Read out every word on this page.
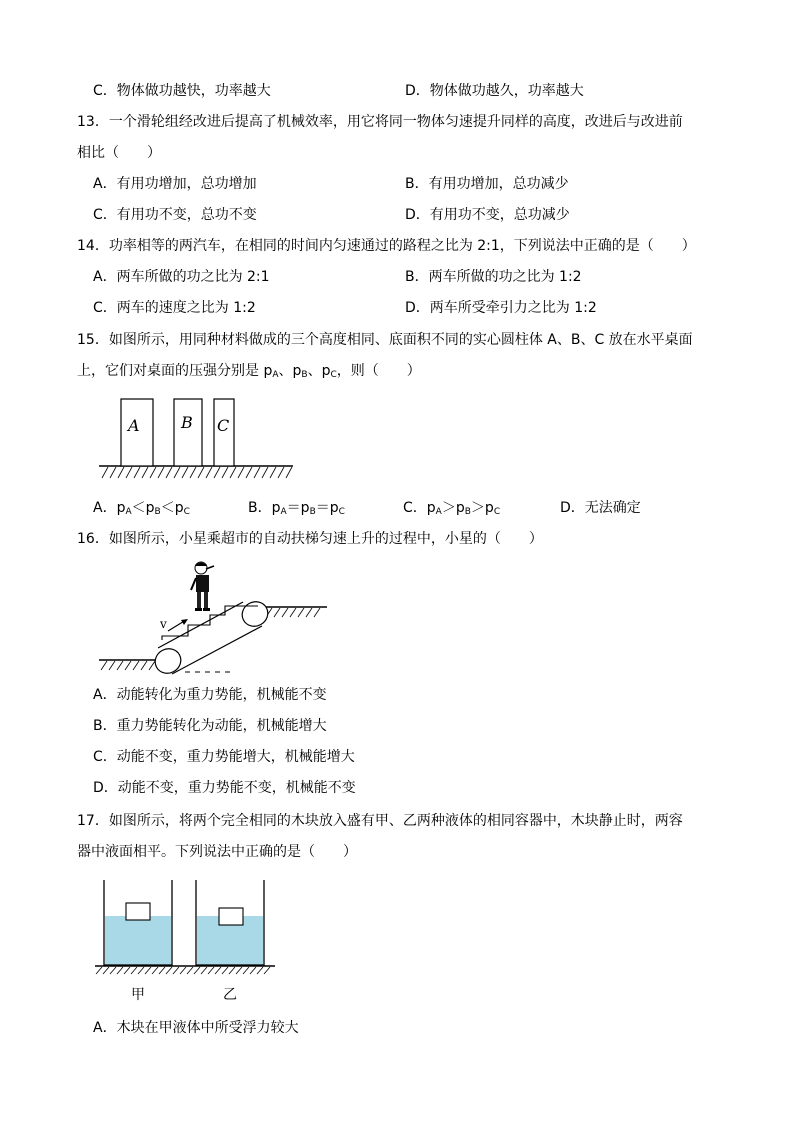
C．物体做功越快，功率越大	D．物体做功越久，功率越大
13．一个滑轮组经改进后提高了机械效率，用它将同一物体匀速提升同样的高度，改进后与改进前
相比（　　）
A．有用功增加，总功增加	B．有用功增加，总功减少
C．有用功不变，总功不变	D．有用功不变，总功减少
14．功率相等的两汽车，在相同的时间内匀速通过的路程之比为 2:1，下列说法中正确的是（　　）
A．两车所做的功之比为 2:1	B．两车所做的功之比为 1:2
C．两车的速度之比为 1:2	D．两车所受牵引力之比为 1:2
15．如图所示，用同种材料做成的三个高度相同、底面积不同的实心圆柱体 A、B、C 放在水平桌面
上，它们对桌面的压强分别是 $p_A$、$p_B$、$p_C$，则（　　）
A	B C
A．$p_A<p_B<p_C$	B．$p_A=p_B=p_C$	C．$p_A>p_B>p_C$	D．无法确定
16．如图所示，小星乘超市的自动扶梯匀速上升的过程中，小星的（　　）
v
A．动能转化为重力势能，机械能不变
B．重力势能转化为动能，机械能增大
C．动能不变，重力势能增大，机械能增大
D．动能不变，重力势能不变，机械能不变
17．如图所示，将两个完全相同的木块放入盛有甲、乙两种液体的相同容器中，木块静止时，两容
器中液面相平。下列说法中正确的是（　　）
甲	乙
A．木块在甲液体中所受浮力较大
